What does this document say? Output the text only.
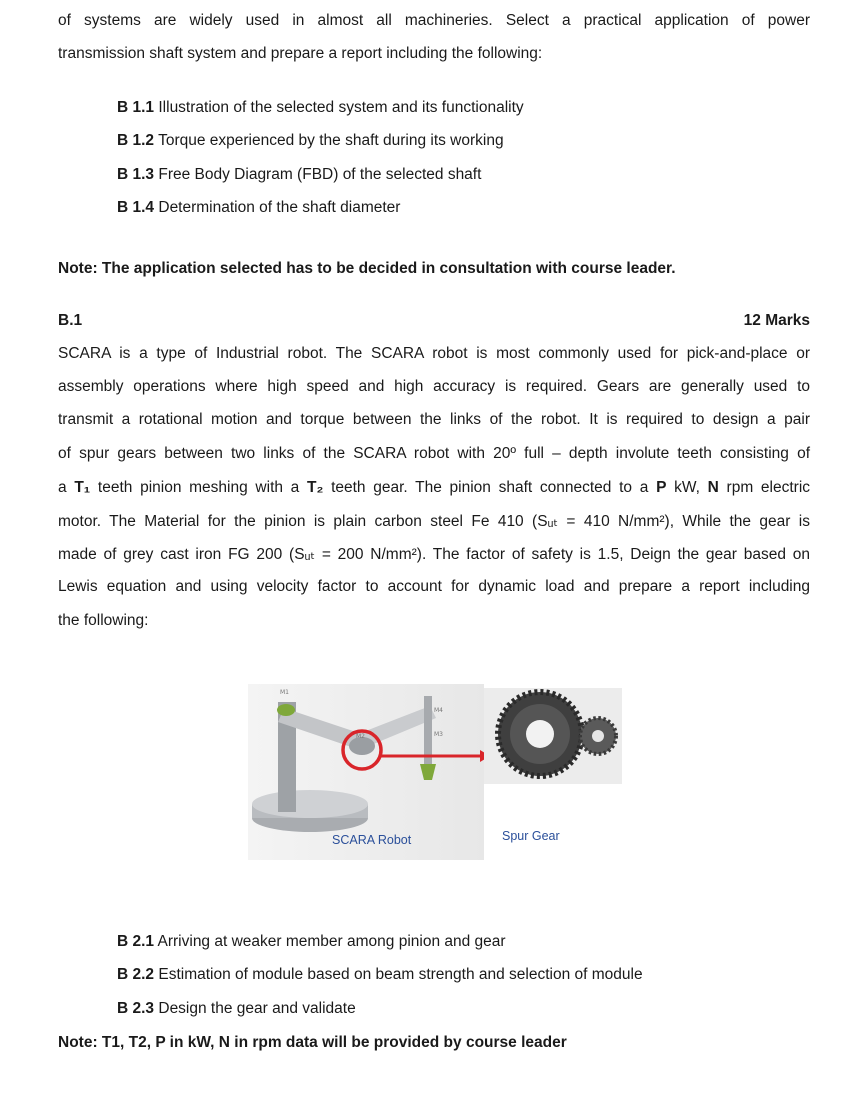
of systems are widely used in almost all machineries. Select a practical application of power
transmission shaft system and prepare a report including the following:
B 1.1 Illustration of the selected system and its functionality
B 1.2 Torque experienced by the shaft during its working
B 1.3 Free Body Diagram (FBD) of the selected shaft
B 1.4 Determination of the shaft diameter
Note: The application selected has to be decided in consultation with course leader.
B.1	12 Marks
SCARA is a type of Industrial robot. The SCARA robot is most commonly used for pick-and-place or
assembly operations where high speed and high accuracy is required. Gears are generally used to
transmit a rotational motion and torque between the links of the robot. It is required to design a pair
of spur gears between two links of the SCARA robot with 20º full – depth involute teeth consisting of
a T₁ teeth pinion meshing with a T₂ teeth gear. The pinion shaft connected to a P kW, N rpm electric
motor. The Material for the pinion is plain carbon steel Fe 410 (Sᵤₜ = 410 N/mm²), While the gear is
made of grey cast iron FG 200 (Sᵤₜ = 200 N/mm²). The factor of safety is 1.5, Deign the gear based on
Lewis equation and using velocity factor to account for dynamic load and prepare a report including
the following:
M1
M2
M4
M3
SCARA Robot	Spur Gear
B 2.1 Arriving at weaker member among pinion and gear
B 2.2 Estimation of module based on beam strength and selection of module
B 2.3 Design the gear and validate
Note: T1, T2, P in kW, N in rpm data will be provided by course leader
